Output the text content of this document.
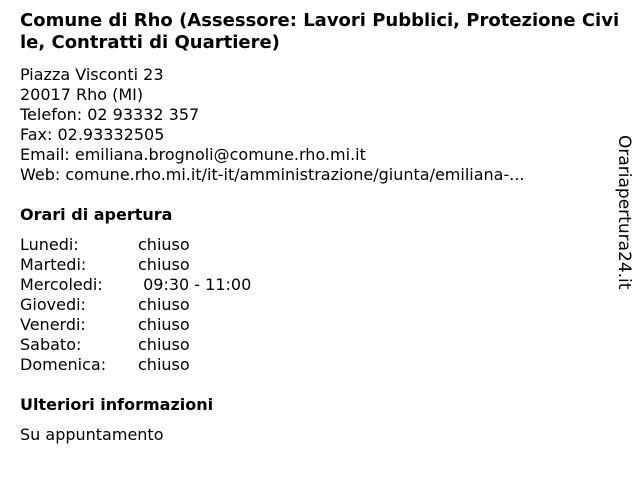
Comune di Rho (Assessore: Lavori Pubblici, Protezione Civile, Contratti di Quartiere)
Piazza Visconti 23
20017 Rho (MI)
Telefon: 02 93332 357
Fax: 02.93332505
Email: emiliana.brognoli@comune.rho.mi.it
Web: comune.rho.mi.it/it-it/amministrazione/giunta/emiliana-...
Orari di apertura
Lunedi:	chiuso
Martedi:	chiuso
Mercoledi:	09:30 - 11:00
Giovedi:	chiuso
Venerdi:	chiuso
Sabato:	chiuso
Domenica:	chiuso
Ulteriori informazioni
Su appuntamento
Orariapertura24.it
